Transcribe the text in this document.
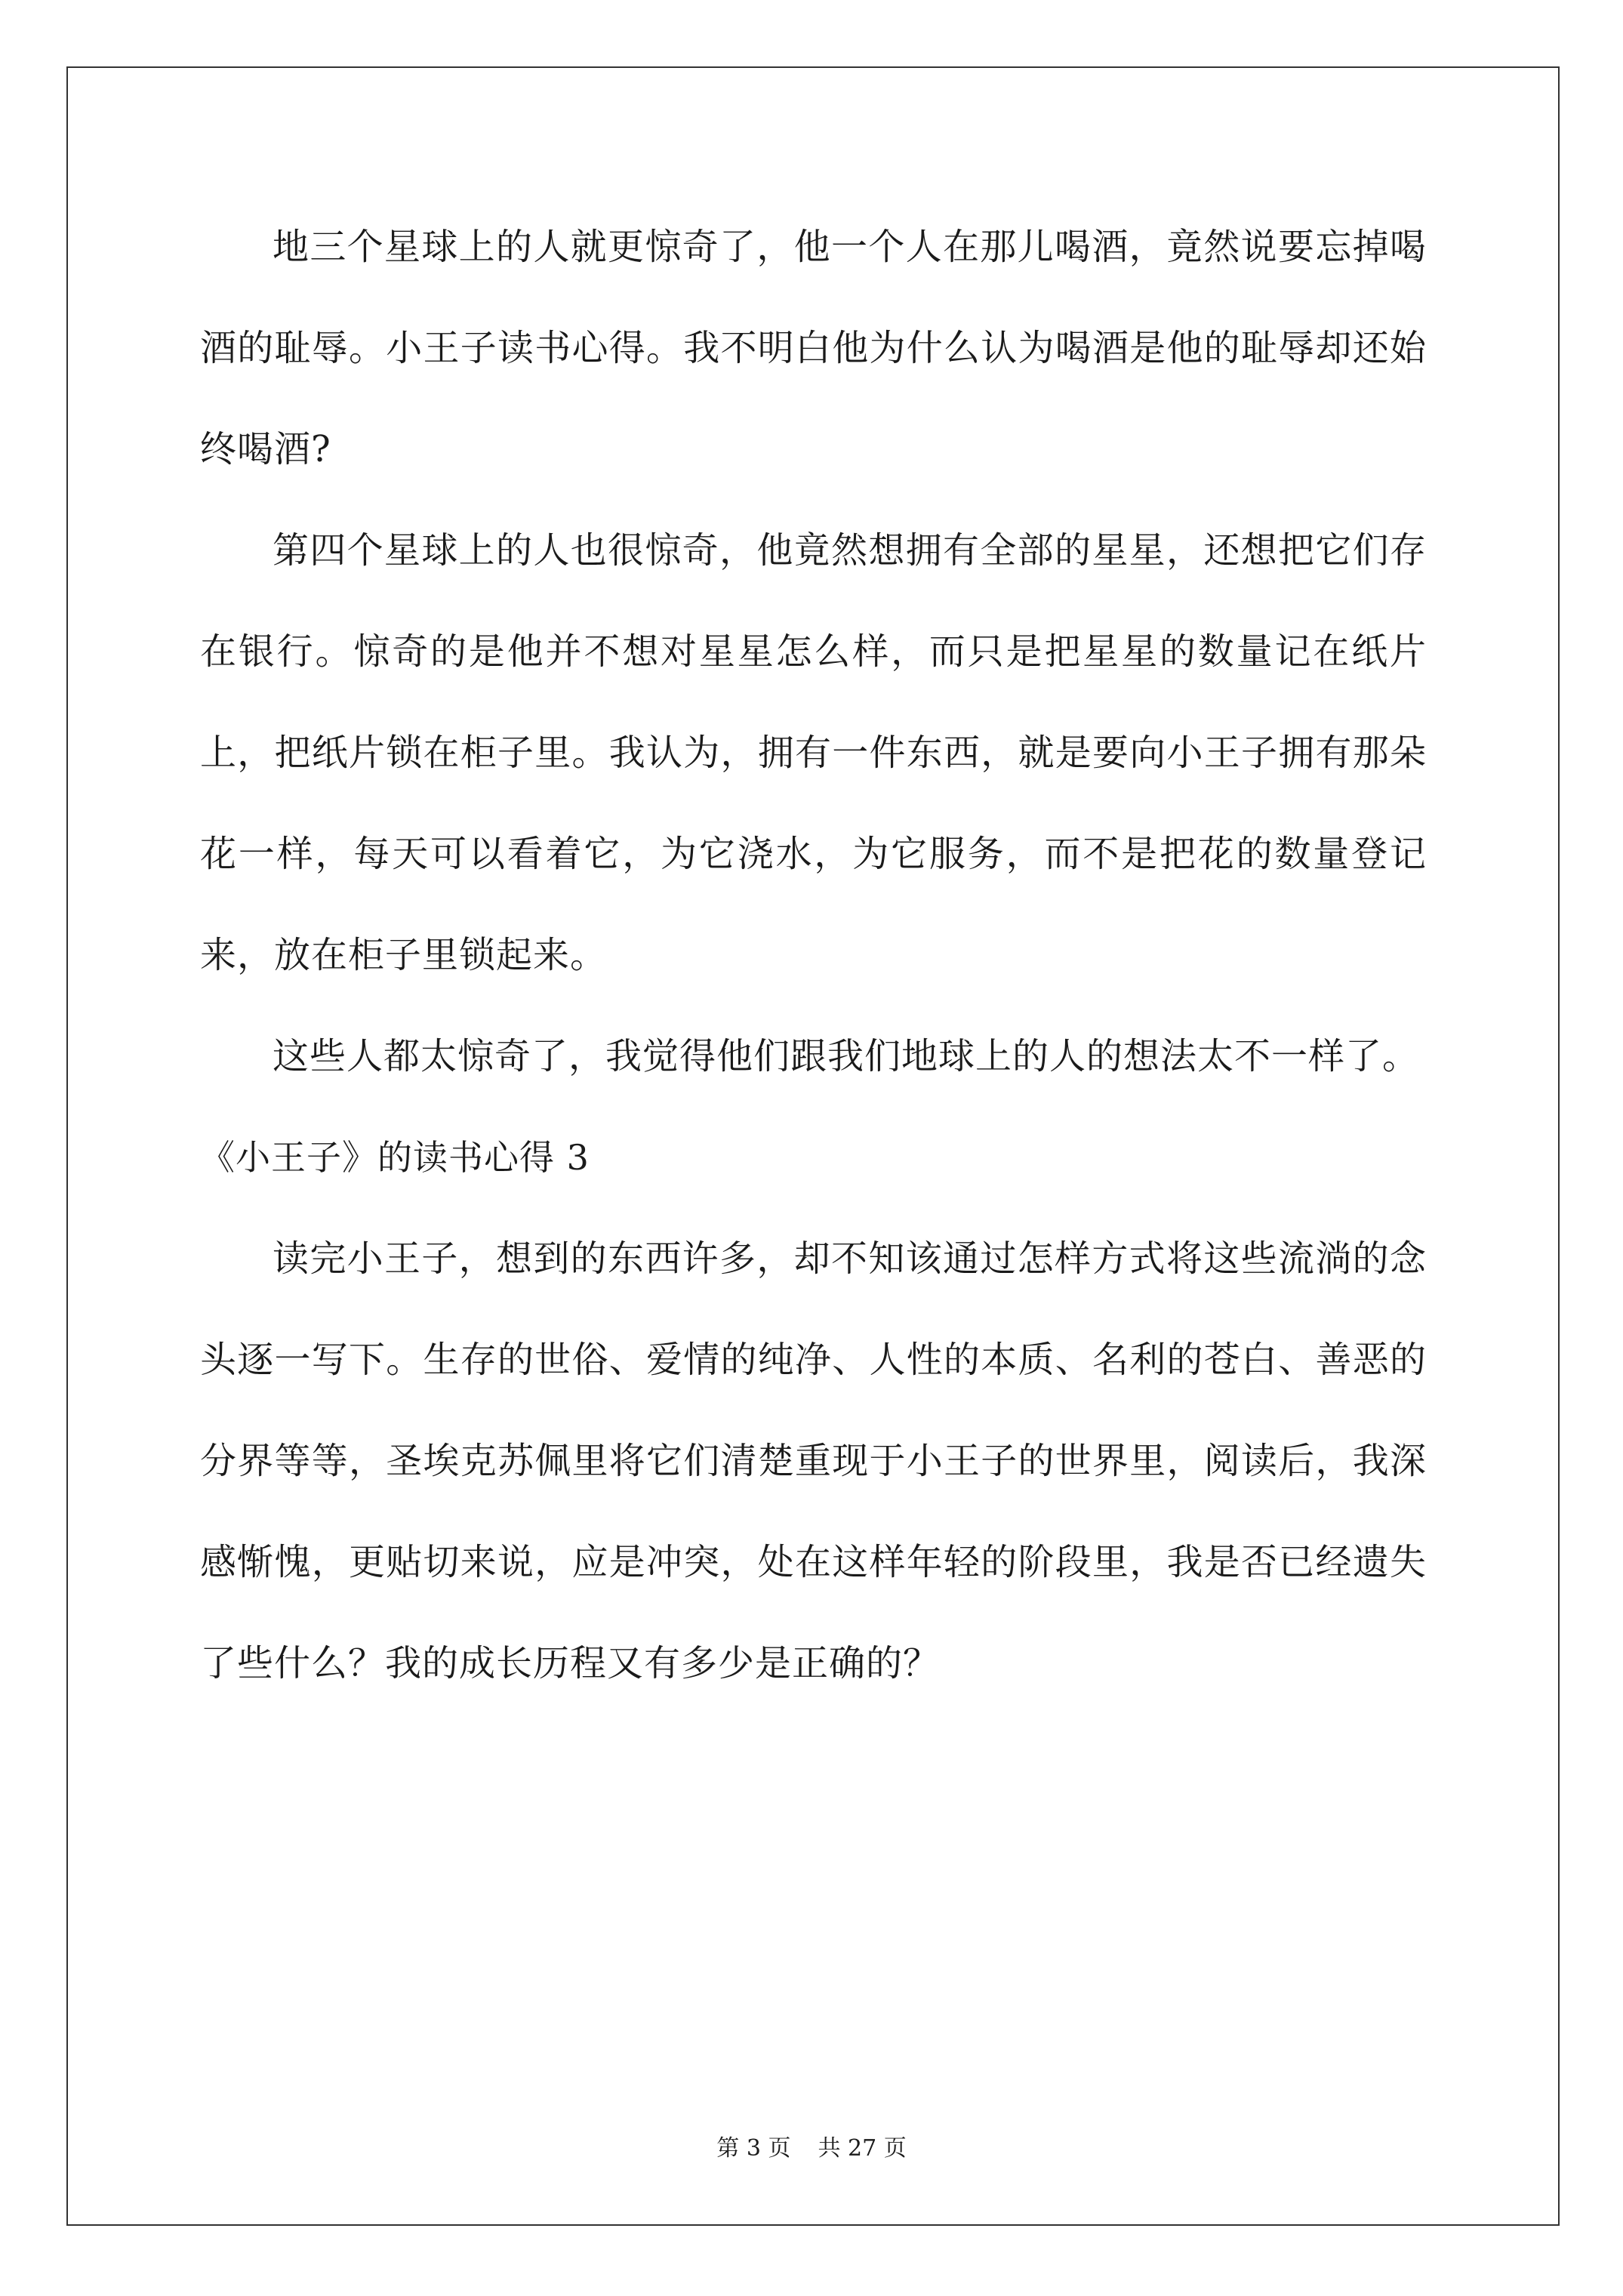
地三个星球上的人就更惊奇了，他一个人在那儿喝酒，竟然说要忘掉喝酒的耻辱。小王子读书心得。我不明白他为什么认为喝酒是他的耻辱却还始终喝酒?

第四个星球上的人也很惊奇，他竟然想拥有全部的星星，还想把它们存在银行。惊奇的是他并不想对星星怎么样，而只是把星星的数量记在纸片上，把纸片锁在柜子里。我认为，拥有一件东西，就是要向小王子拥有那朵花一样，每天可以看着它，为它浇水，为它服务，而不是把花的数量登记来，放在柜子里锁起来。

这些人都太惊奇了，我觉得他们跟我们地球上的人的想法太不一样了。

《小王子》的读书心得 3

读完小王子，想到的东西许多，却不知该通过怎样方式将这些流淌的念头逐一写下。生存的世俗、爱情的纯净、人性的本质、名利的苍白、善恶的分界等等，圣埃克苏佩里将它们清楚重现于小王子的世界里，阅读后，我深感惭愧，更贴切来说，应是冲突，处在这样年轻的阶段里，我是否已经遗失了些什么？我的成长历程又有多少是正确的？

第 3 页 共 27 页
